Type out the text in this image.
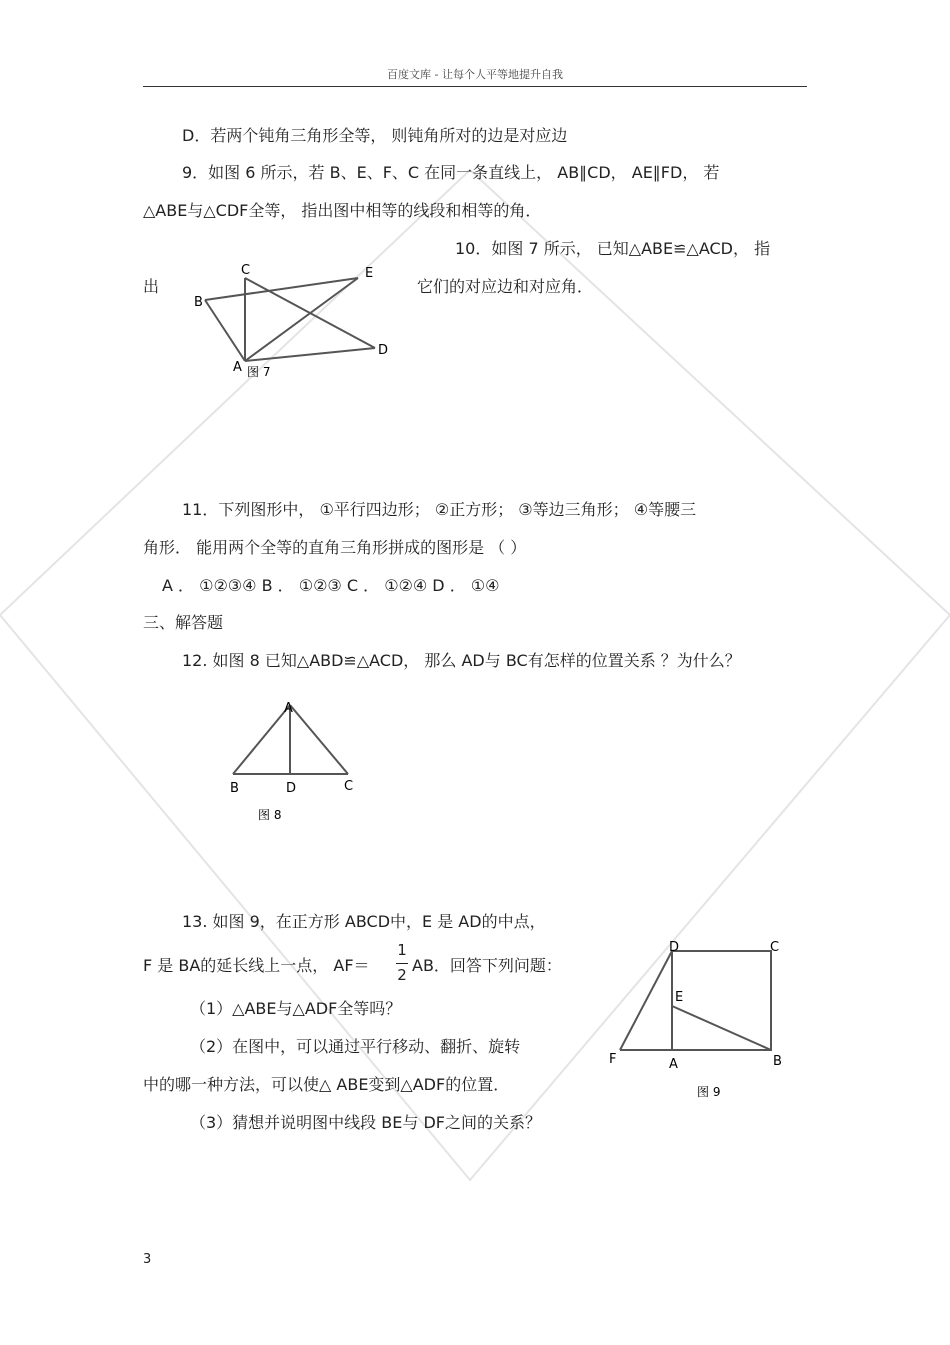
百度文库 - 让每个人平等地提升自我
D．若两个钝角三角形全等， 则钝角所对的边是对应边
9．如图 6 所示，若 B、E、F、C 在同一条直线上， AB∥CD， AE∥FD， 若
△ABE与△CDF全等， 指出图中相等的线段和相等的角．
10．如图 7 所示， 已知△ABE≌△ACD， 指
出	它们的对应边和对应角．
C	E
B
D
A 图 7
11．下列图形中， ①平行四边形； ②正方形； ③等边三角形； ④等腰三
角形． 能用两个全等的直角三角形拼成的图形是 （ ）
A ． ①②③④ B ． ①②③ C ． ①②④ D ． ①④
三、解答题
12. 如图 8 已知△ABD≌△ACD， 那么 AD与 BC有怎样的位置关系 ？为什么？
A
B	D	C
图 8
13. 如图 9，在正方形 ABCD中，E 是 AD的中点，
F 是 BA的延长线上一点， AF＝
1
2 AB．回答下列问题：
（1）△ABE与△ADF全等吗？
（2）在图中，可以通过平行移动、翻折、旋转
中的哪一种方法，可以使△ ABE变到△ADF的位置．
（3）猜想并说明图中线段 BE与 DF之间的关系？
D	C
E
F	A	B
图 9
3
